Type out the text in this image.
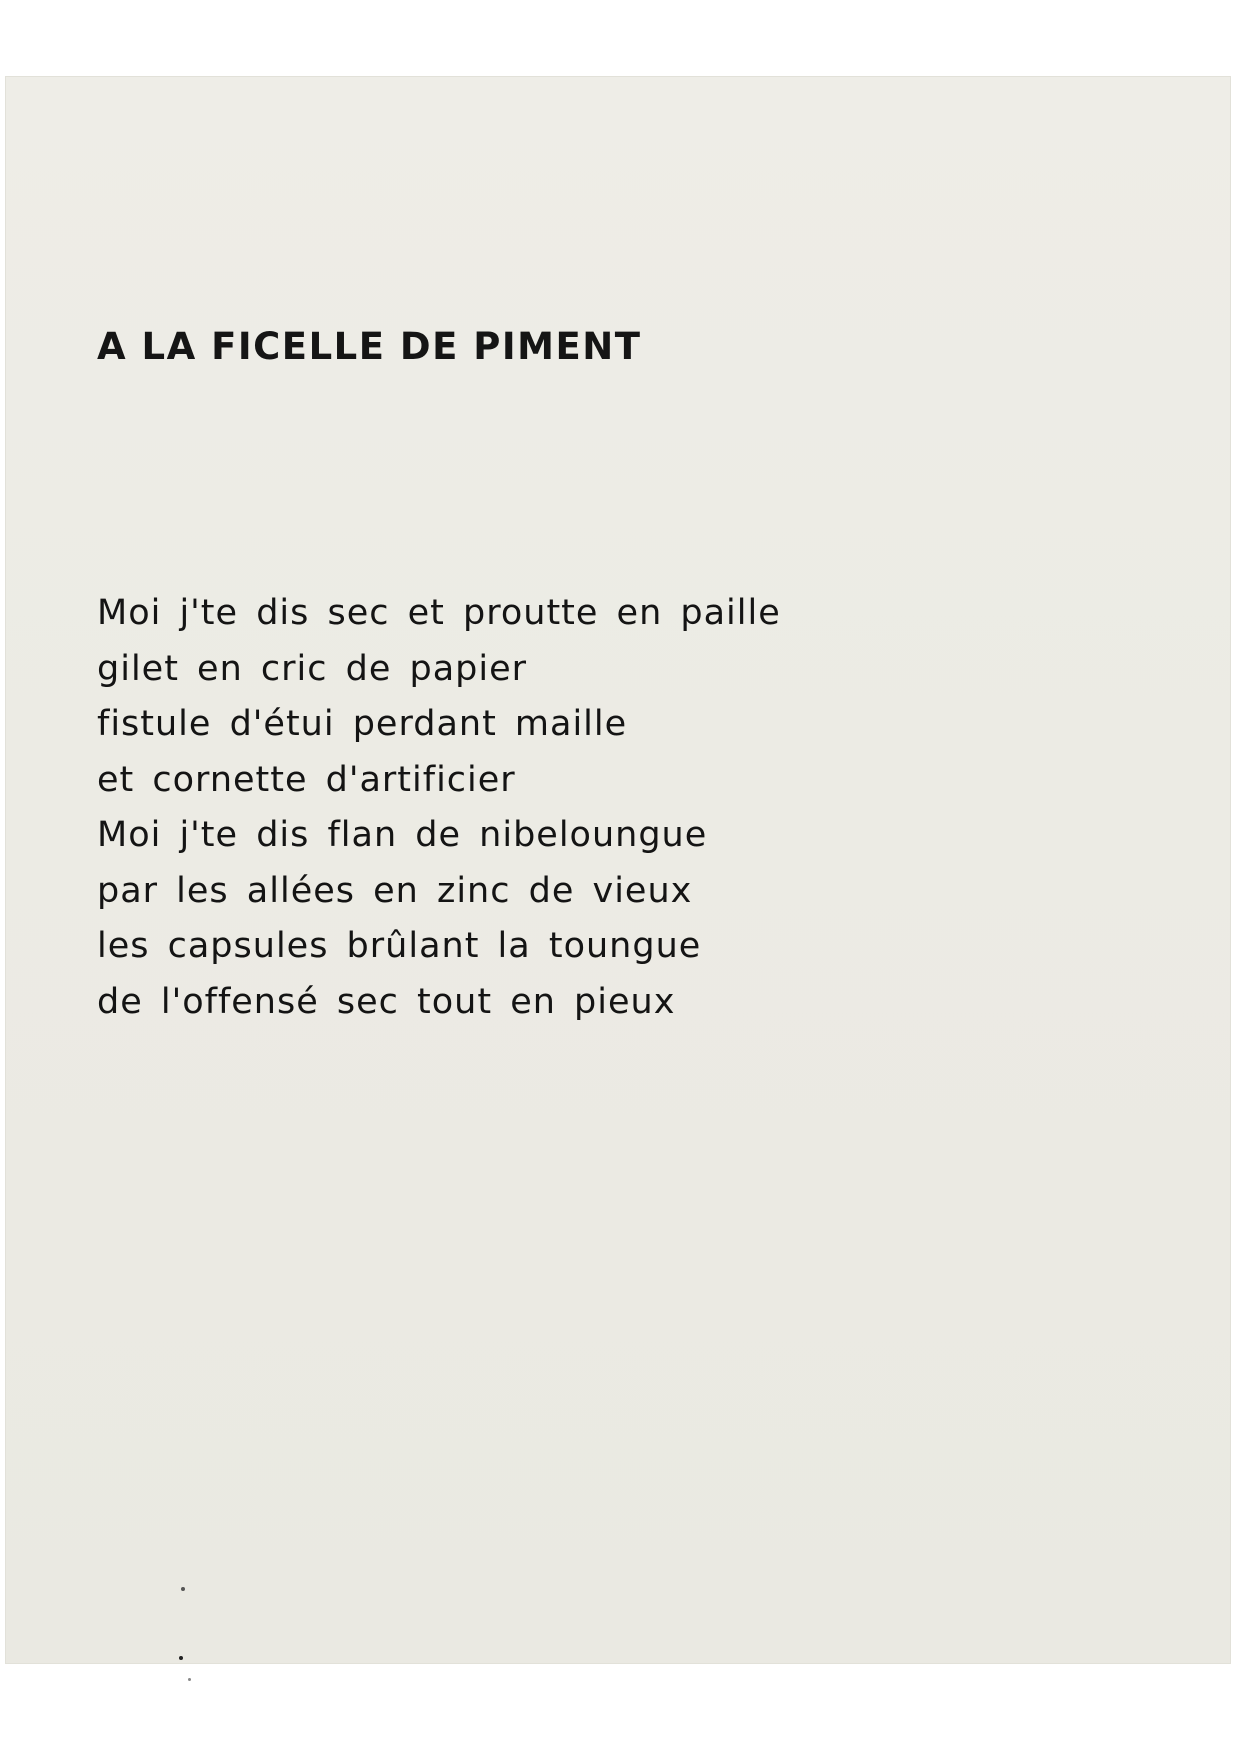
A LA FICELLE DE PIMENT
Moi j'te dis sec et proutte en paille
gilet en cric de papier
fistule d'étui perdant maille
et cornette d'artificier
Moi j'te dis flan de nibeloungue
par les allées en zinc de vieux
les capsules brûlant la toungue
de l'offensé sec tout en pieux
